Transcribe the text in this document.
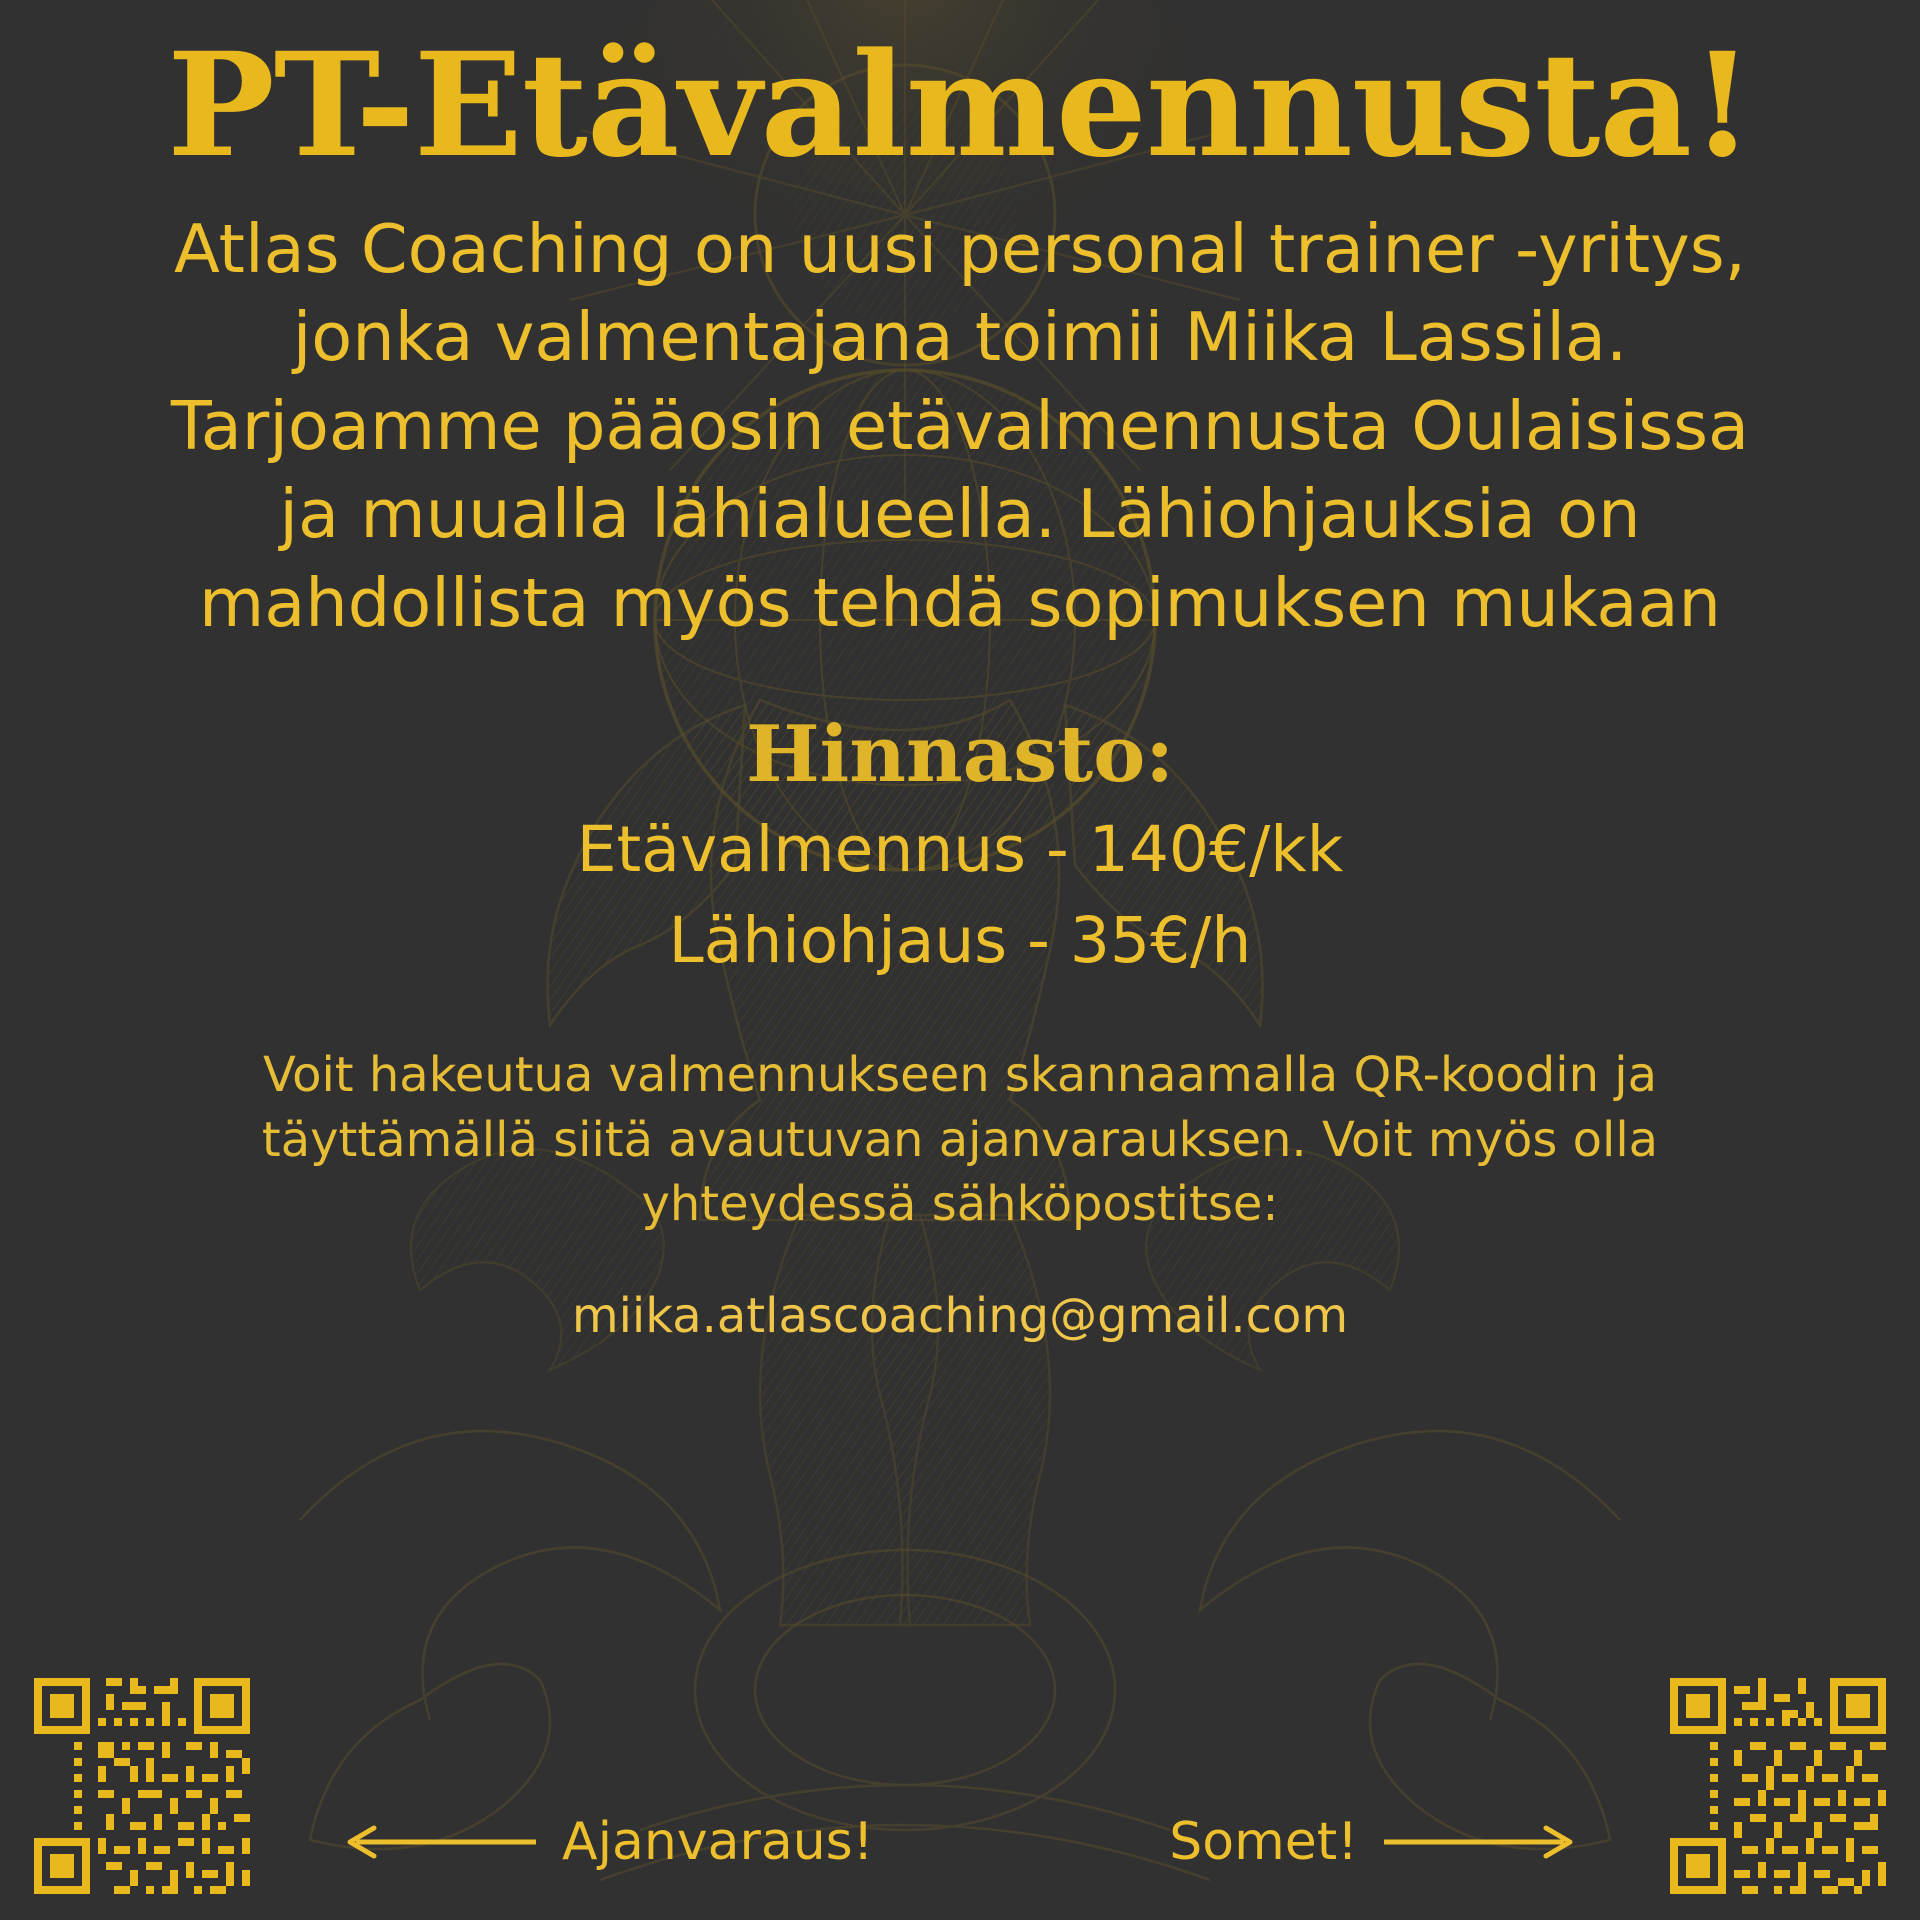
PT-Etävalmennusta!

Atlas Coaching on uusi personal trainer -yritys, jonka valmentajana toimii Miika Lassila. Tarjoamme pääosin etävalmennusta Oulaisissa ja muualla lähialueella. Lähiohjauksia on mahdollista myös tehdä sopimuksen mukaan

Hinnasto:

Etävalmennus - 140€/kk

Lähiohjaus - 35€/h

Voit hakeutua valmennukseen skannaamalla QR-koodin ja täyttämällä siitä avautuvan ajanvarauksen. Voit myös olla yhteydessä sähköpostitse:

miika.atlascoaching@gmail.com

Ajanvaraus!	Somet!
